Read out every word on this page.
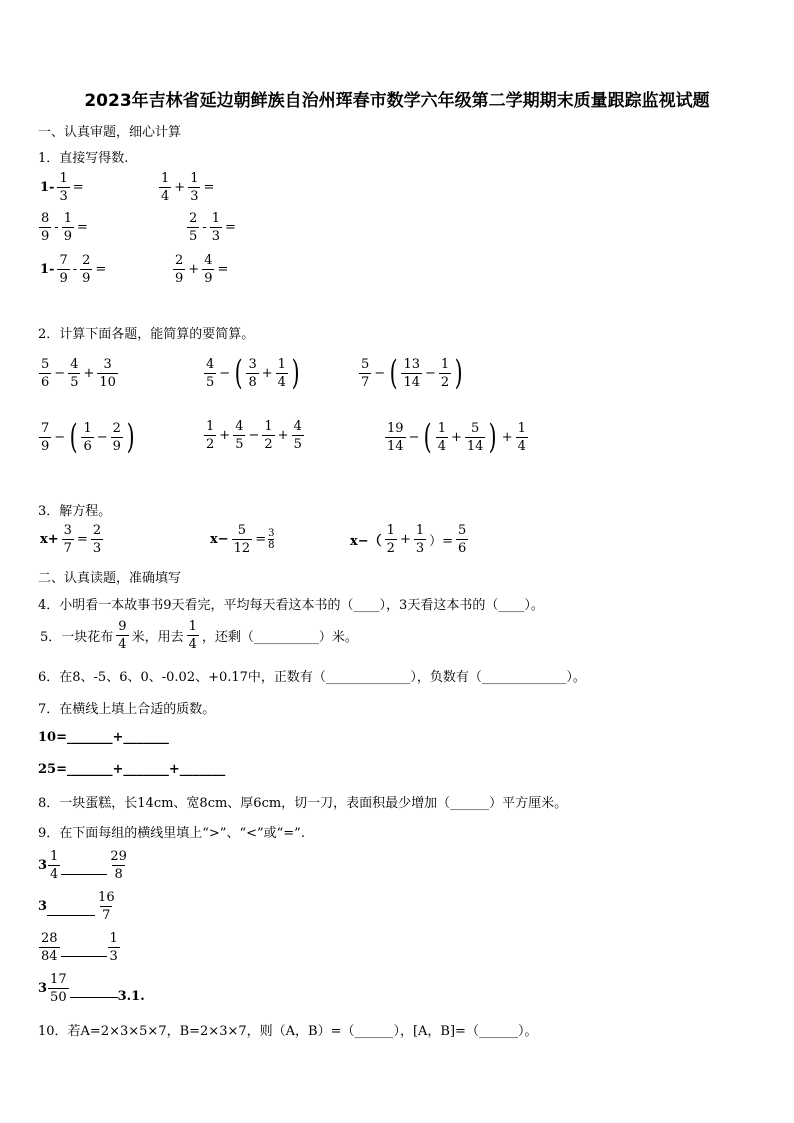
2023年吉林省延边朝鲜族自治州珲春市数学六年级第二学期期末质量跟踪监视试题
一、认真审题，细心计算
1．直接写得数.
2．计算下面各题，能简算的要简算。
3．解方程。
二、认真读题，准确填写
4．小明看一本故事书9天看完，平均每天看这本书的（____），3天看这本书的（____）。
5．一块花布 $\frac{9}{4}$ 米，用去 $\frac{1}{4}$ ，还剩（__________）米。
6．在8、-5、6、0、-0.02、+0.17中，正数有（_____________），负数有（_____________）。
7．在横线上填上合适的质数。
10=_______+_______
25=_______+_______+_______
8．一块蛋糕，长14cm、宽8cm、厚6cm，切一刀，表面积最少增加（______）平方厘米。
9．在下面每组的横线里填上“>”、“<”或“=”.
$3 \frac{1}{4}$	$\frac{29}{8}$
3	$\frac{16}{7}$
$\frac{28}{84}$	$\frac{1}{3}$
$3 \frac{17}{50}$	3.1.
10．若A=2×3×5×7，B=2×3×7，则（A，B）=（______），[A，B]=（______）。
$1- \frac{1}{3}$ =	$\frac{1}{4} + \frac{1}{3}$ =
$\frac{8}{9} - \frac{1}{9}$ =	$\frac{2}{5} - \frac{1}{3}$ =
$1- \frac{7}{9} - \frac{2}{9}$ =	$\frac{2}{9} + \frac{4}{9}$ =
$\frac{5}{6} - \frac{4}{5} + \frac{3}{10}$	$\frac{4}{5}$ − ( $\frac{3}{8} + \frac{1}{4}$ )	$\frac{5}{7}$ − ( $\frac{13}{14} - \frac{1}{2}$ )
$\frac{7}{9}$ − ( $\frac{1}{6} - \frac{2}{9}$ )	$\frac{1}{2} + \frac{4}{5} - \frac{1}{2} + \frac{4}{5}$	$\frac{19}{14}$ − ( $\frac{1}{4} + \frac{5}{14}$ ) + $\frac{1}{4}$
$x+ \frac{3}{7} = \frac{2}{3}$	$x- \frac{5}{12} = \frac{3}{8}$	$x-( \frac{1}{2} + \frac{1}{3}$ ）= $\frac{5}{6}$
